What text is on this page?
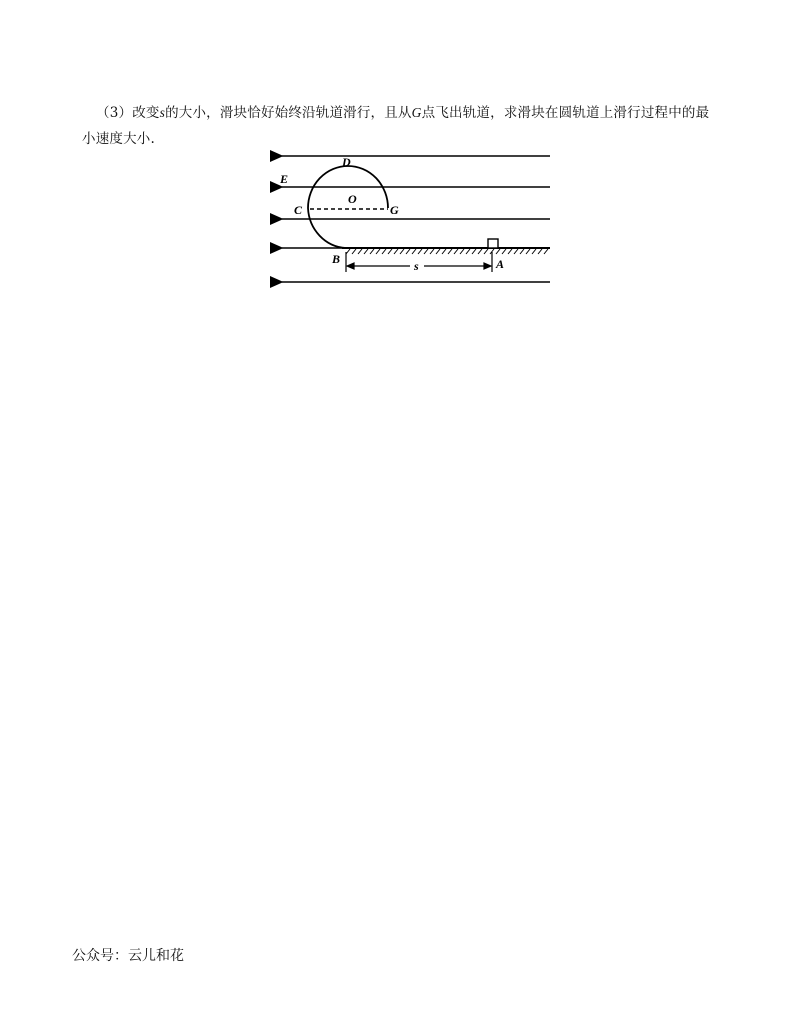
（3）改变s的大小，滑块恰好始终沿轨道滑行，且从G点飞出轨道，求滑块在圆轨道上滑行过程中的最
小速度大小.
D
E
O
C	G
B	A
s
公众号：云儿和花
